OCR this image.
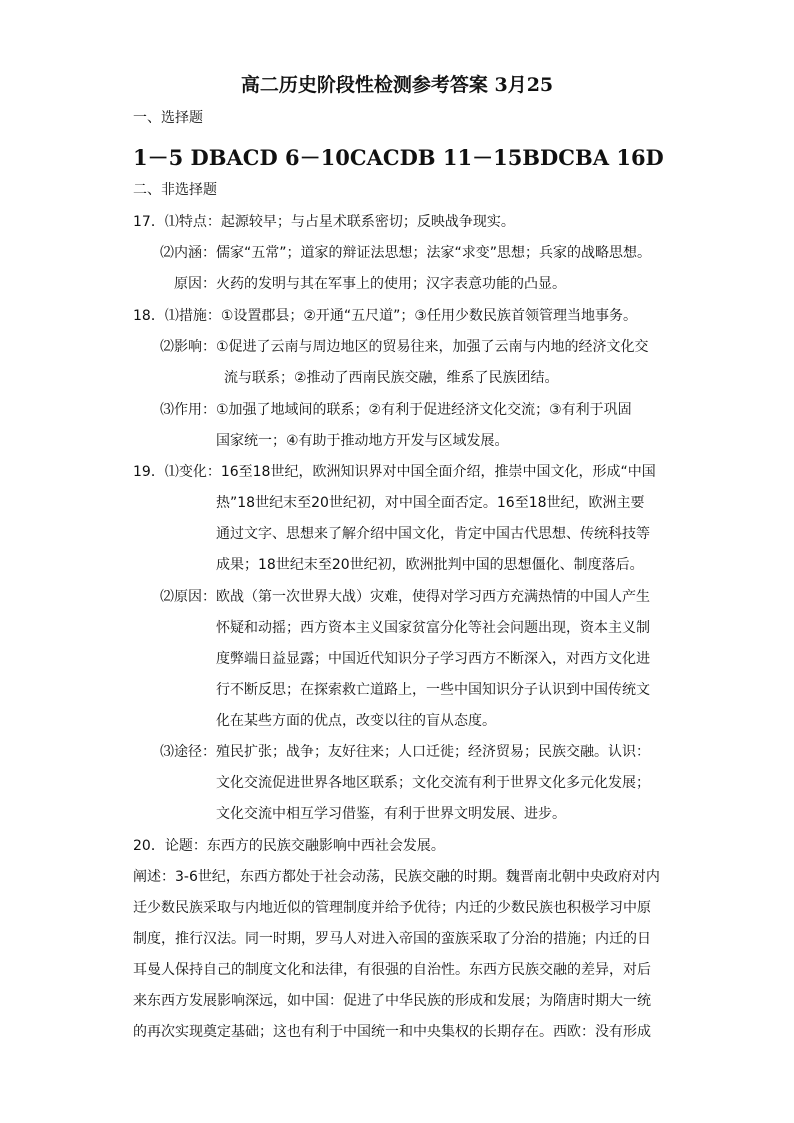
高二历史阶段性检测参考答案 3月25
一、选择题
1－5 DBACD 6－10CACDB 11－15BDCBA 16D
二、非选择题
17．⑴特点：起源较早；与占星术联系密切；反映战争现实。
⑵内涵：儒家“五常”；道家的辩证法思想；法家“求变”思想；兵家的战略思想。
原因：火药的发明与其在军事上的使用；汉字表意功能的凸显。
18．⑴措施：①设置郡县；②开通“五尺道”；③任用少数民族首领管理当地事务。
⑵影响：①促进了云南与周边地区的贸易往来，加强了云南与内地的经济文化交
流与联系；②推动了西南民族交融，维系了民族团结。
⑶作用：①加强了地域间的联系；②有利于促进经济文化交流；③有利于巩固
国家统一；④有助于推动地方开发与区域发展。
19．⑴变化：16至18世纪，欧洲知识界对中国全面介绍，推崇中国文化，形成“中国
热”18世纪末至20世纪初，对中国全面否定。16至18世纪，欧洲主要
通过文字、思想来了解介绍中国文化，肯定中国古代思想、传统科技等
成果；18世纪末至20世纪初，欧洲批判中国的思想僵化、制度落后。
⑵原因：欧战（第一次世界大战）灾难，使得对学习西方充满热情的中国人产生
怀疑和动摇；西方资本主义国家贫富分化等社会问题出现，资本主义制
度弊端日益显露；中国近代知识分子学习西方不断深入，对西方文化进
行不断反思；在探索救亡道路上，一些中国知识分子认识到中国传统文
化在某些方面的优点，改变以往的盲从态度。
⑶途径：殖民扩张；战争；友好往来；人口迁徙；经济贸易；民族交融。认识：
文化交流促进世界各地区联系；文化交流有利于世界文化多元化发展；
文化交流中相互学习借鉴，有利于世界文明发展、进步。
20．论题：东西方的民族交融影响中西社会发展。
阐述：3-6世纪，东西方都处于社会动荡，民族交融的时期。魏晋南北朝中央政府对内
迁少数民族采取与内地近似的管理制度并给予优待；内迁的少数民族也积极学习中原
制度，推行汉法。同一时期，罗马人对进入帝国的蛮族采取了分治的措施；内迁的日
耳曼人保持自己的制度文化和法律，有很强的自治性。东西方民族交融的差异，对后
来东西方发展影响深远，如中国：促进了中华民族的形成和发展；为隋唐时期大一统
的再次实现奠定基础；这也有利于中国统一和中央集权的长期存在。西欧：没有形成
